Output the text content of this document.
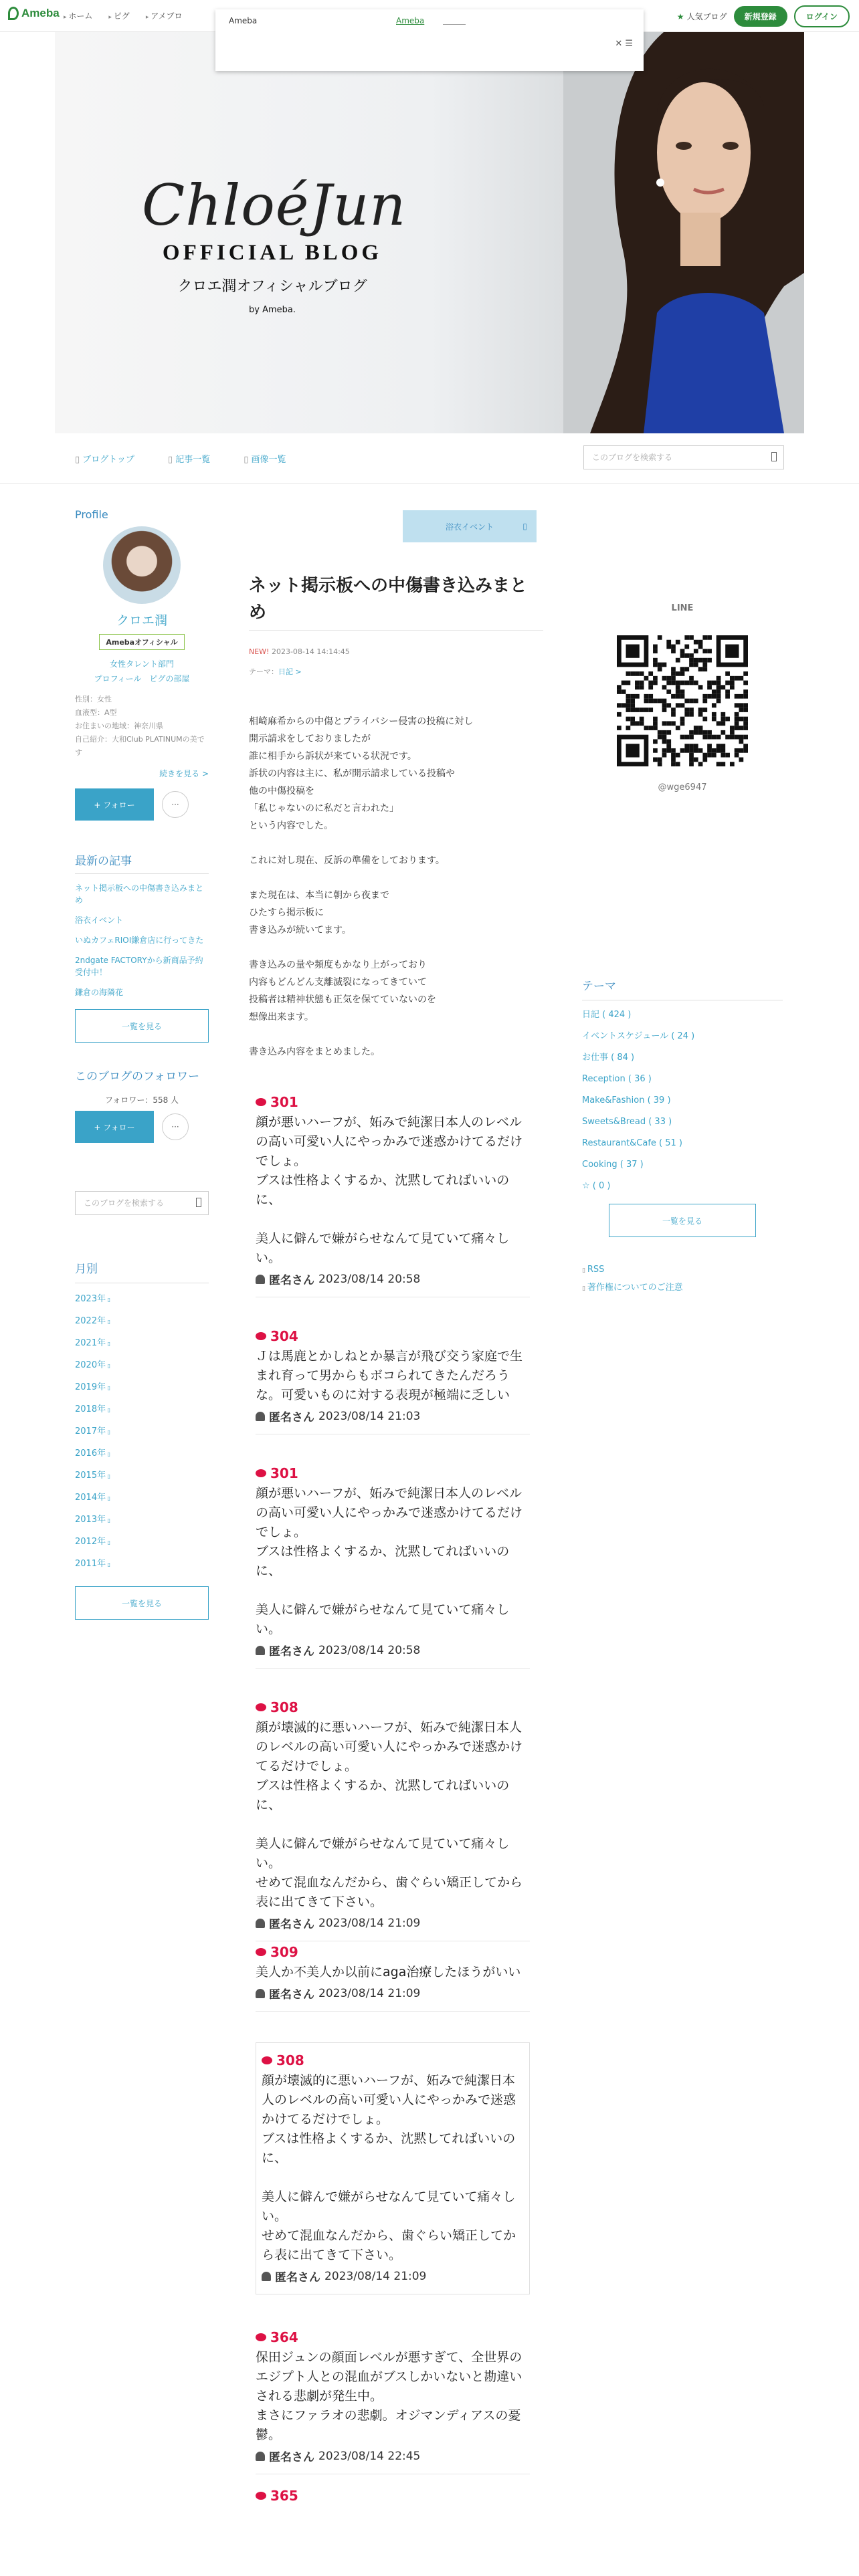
Ameba	▸ ホーム	▸ ピグ	▸ アメブロ	★ 人気ブログ	新規登録	ログイン
Ameba	Ameba
✕ ☰
ChloéJun
OFFICIAL BLOG
クロエ潤オフィシャルブログ
by Ameba.
▯ ブログトップ	▯ 記事一覧	▯ 画像一覧	このブログを検索する
Profile
クロエ潤
Amebaオフィシャル
女性タレント部門
プロフィール　ピグの部屋
性別：女性
血液型：A型
お住まいの地域：神奈川県
自己紹介：大和Club PLATINUMの美です
続きを見る >
+ フォロー	···
最新の記事
ネット掲示板への中傷書き込みまとめ
浴衣イベント
いぬカフェRIOI鎌倉店に行ってきた
2ndgate FACTORYから新商品予約受付中！
鎌倉の海隣花
一覧を見る
このブログのフォロワー
フォロワー：558 人
+ フォロー	···
このブログを検索する
月別
2023年 ▯
2022年 ▯
2021年 ▯
2020年 ▯
2019年 ▯
2018年 ▯
2017年 ▯
2016年 ▯
2015年 ▯
2014年 ▯
2013年 ▯
2012年 ▯
2011年 ▯
一覧を見る
浴衣イベント ▯
ネット掲示板への中傷書き込みまとめ
NEW! 2023-08-14 14:14:45
テーマ：日記 >
相崎麻希からの中傷とプライバシー侵害の投稿に対し
開示請求をしておりましたが
誰に相手から訴状が来ている状況です。
訴状の内容は主に、私が開示請求している投稿や
他の中傷投稿を
「私じゃないのに私だと言われた」
という内容でした。
これに対し現在、反訴の準備をしております。
また現在は、本当に朝から夜まで
ひたすら掲示板に
書き込みが続いてます。
書き込みの量や頻度もかなり上がっており
内容もどんどん支離滅裂になってきていて
投稿者は精神状態も正気を保てていないのを
想像出来ます。
書き込み内容をまとめました。
301
顔が悪いハーフが、妬みで純潔日本人のレベルの高い可愛い人にやっかみで迷惑かけてるだけでしょ。
ブスは性格よくするか、沈黙してればいいのに、

美人に僻んで嫌がらせなんて見ていて痛々しい。
匿名さん 2023/08/14 20:58
304
Ｊは馬鹿とかしねとか暴言が飛び交う家庭で生まれ育って男からもボコられてきたんだろうな。可愛いものに対する表現が極端に乏しい
匿名さん 2023/08/14 21:03
301
顔が悪いハーフが、妬みで純潔日本人のレベルの高い可愛い人にやっかみで迷惑かけてるだけでしょ。
ブスは性格よくするか、沈黙してればいいのに、

美人に僻んで嫌がらせなんて見ていて痛々しい。
匿名さん 2023/08/14 20:58
308
顔が壊滅的に悪いハーフが、妬みで純潔日本人のレベルの高い可愛い人にやっかみで迷惑かけてるだけでしょ。
ブスは性格よくするか、沈黙してればいいのに、

美人に僻んで嫌がらせなんて見ていて痛々しい。
せめて混血なんだから、歯ぐらい矯正してから表に出てきて下さい。
匿名さん 2023/08/14 21:09
309
美人か不美人か以前にaga治療したほうがいい
匿名さん 2023/08/14 21:09
308
顔が壊滅的に悪いハーフが、妬みで純潔日本人のレベルの高い可愛い人にやっかみで迷惑かけてるだけでしょ。
ブスは性格よくするか、沈黙してればいいのに、

美人に僻んで嫌がらせなんて見ていて痛々しい。
せめて混血なんだから、歯ぐらい矯正してから表に出てきて下さい。
匿名さん 2023/08/14 21:09
364
保田ジュンの顔面レベルが悪すぎて、全世界のエジプト人との混血がブスしかいないと勘違いされる悲劇が発生中。
まさにファラオの悲劇。オジマンディアスの憂鬱。
匿名さん 2023/08/14 22:45
365
LINE
@wge6947
テーマ
日記 ( 424 )
イベントスケジュール ( 24 )
お仕事 ( 84 )
Reception ( 36 )
Make&Fashion ( 39 )
Sweets&Bread ( 33 )
Restaurant&Cafe ( 51 )
Cooking ( 37 )
☆ ( 0 )
一覧を見る
▯ RSS
▯ 著作権についてのご注意
